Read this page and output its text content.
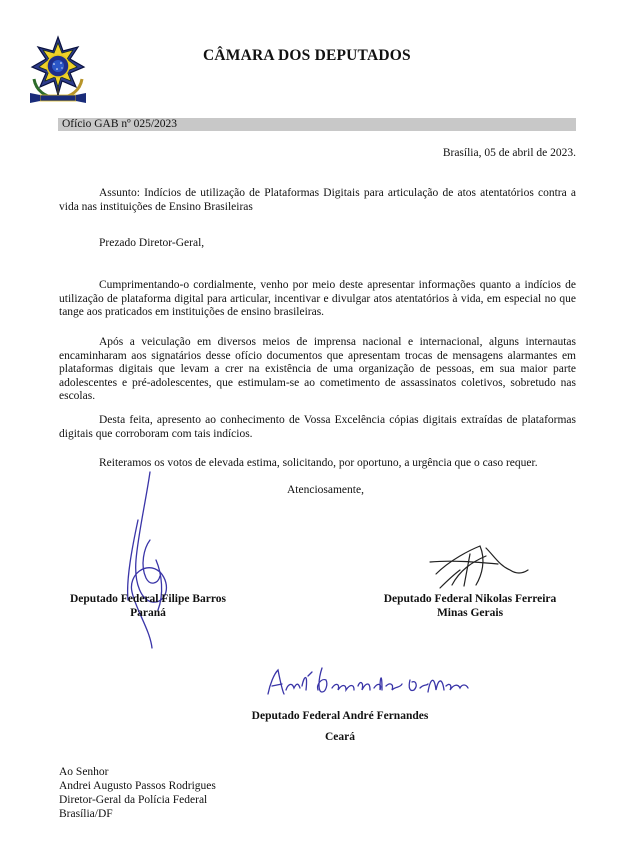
CÂMARA DOS DEPUTADOS
Ofício GAB nº 025/2023
Brasília, 05 de abril de 2023.
Assunto: Indícios de utilização de Plataformas Digitais para articulação de atos atentatórios contra a vida nas instituições de Ensino Brasileiras
Prezado Diretor-Geral,
Cumprimentando-o cordialmente, venho por meio deste apresentar informações quanto a indícios de utilização de plataforma digital para articular, incentivar e divulgar atos atentatórios à vida, em especial no que tange aos praticados em instituições de ensino brasileiras.
Após a veiculação em diversos meios de imprensa nacional e internacional, alguns internautas encaminharam aos signatários desse ofício documentos que apresentam trocas de mensagens alarmantes em plataformas digitais que levam a crer na existência de uma organização de pessoas, em sua maior parte adolescentes e pré-adolescentes, que estimulam-se ao cometimento de assassinatos coletivos, sobretudo nas escolas.
Desta feita, apresento ao conhecimento de Vossa Excelência cópias digitais extraídas de plataformas digitais que corroboram com tais indícios.
Reiteramos os votos de elevada estima, solicitando, por oportuno, a urgência que o caso requer.
Atenciosamente,
Deputado Federal Filipe Barros
Paraná
Deputado Federal Nikolas Ferreira
Minas Gerais
Deputado Federal André Fernandes
Ceará
Ao Senhor
Andrei Augusto Passos Rodrigues
Diretor-Geral da Polícia Federal
Brasília/DF
